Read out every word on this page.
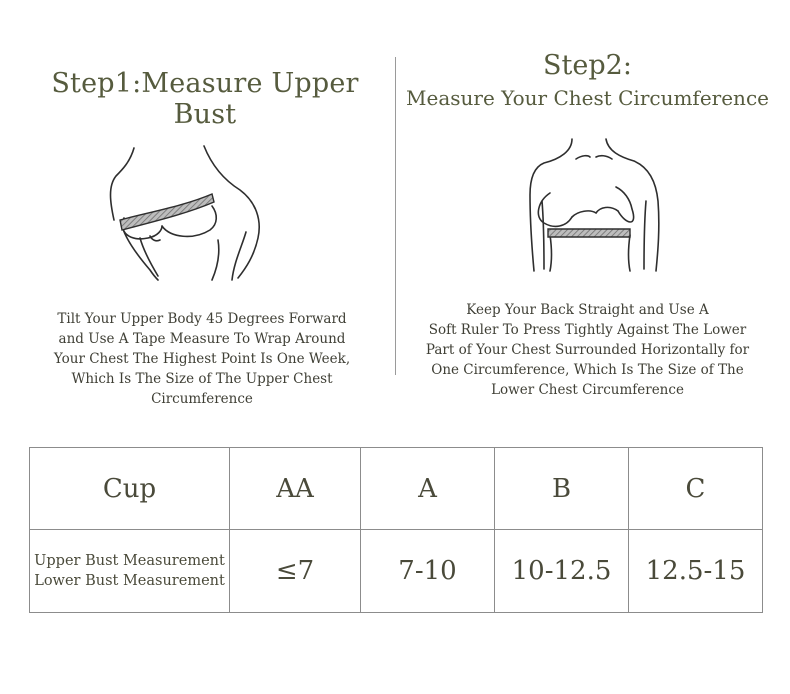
Step1:Measure Upper Bust
Step2:
Measure Your Chest Circumference
Tilt Your Upper Body 45 Degrees Forward
and Use A Tape Measure To Wrap Around
Your Chest The Highest Point Is One Week,
Which Is The Size of The Upper Chest Circumference
Keep Your Back Straight and Use A
Soft Ruler To Press Tightly Against The Lower
Part of Your Chest Surrounded Horizontally for
One Circumference, Which Is The Size of The
Lower Chest Circumference
Cup	AA	A	B	C

Upper Bust Measurement
Lower Bust Measurement	≤7	7-10	10-12.5	12.5-15
